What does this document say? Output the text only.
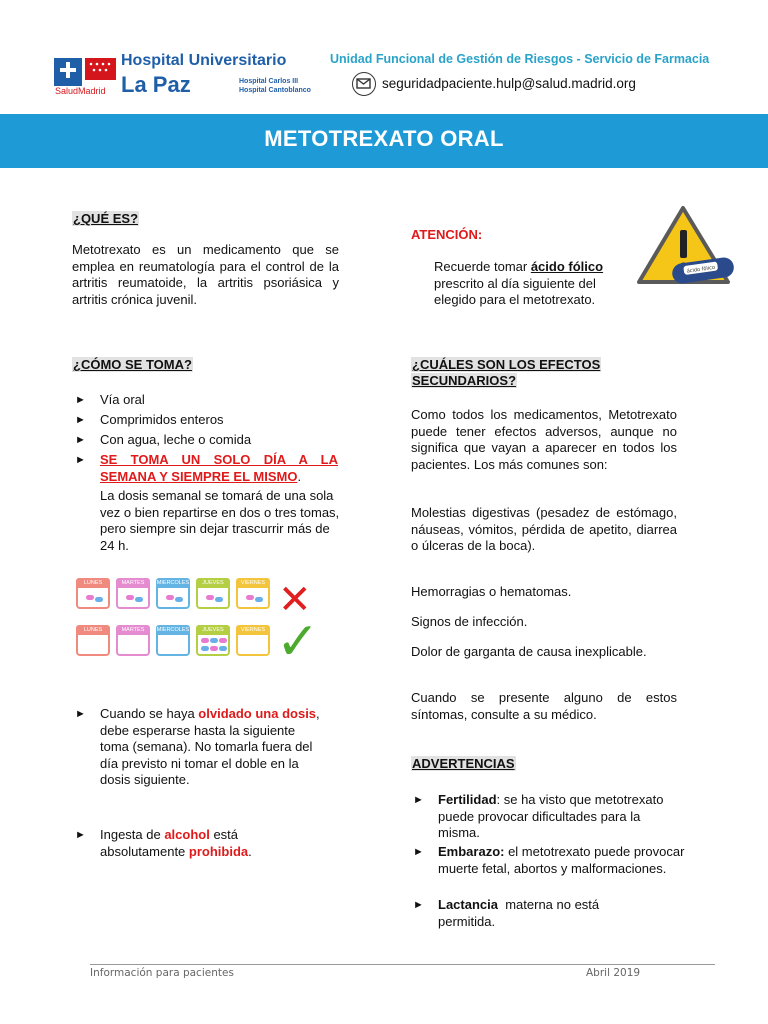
SaludMadrid
Hospital Universitario
La Paz	Hospital Carlos III
Hospital Cantoblanco
Unidad Funcional de Gestión de Riesgos - Servicio de Farmacia
seguridadpaciente.hulp@salud.madrid.org
METOTREXATO ORAL
¿QUÉ ES?
Metotrexato es un medicamento que se emplea en reumatología para el control de la artritis reumatoide, la artritis psoriásica y artritis crónica juvenil.
¿CÓMO SE TOMA?
► Vía oral
► Comprimidos enteros
► Con agua, leche o comida
► SE TOMA UN SOLO DÍA A LA SEMANA Y SIEMPRE EL MISMO.
La dosis semanal se tomará de una sola vez o bien repartirse en dos o tres tomas, pero siempre sin dejar trascurrir más de 24 h.
✕
✓
LUNES	MARTES	MIERCOLES	JUEVES	VIERNES
LUNES	MARTES	MIERCOLES	JUEVES	VIERNES
► Cuando se haya olvidado una dosis, debe esperarse hasta la siguiente toma (semana). No tomarla fuera del día previsto ni tomar el doble en la dosis siguiente.
► Ingesta de alcohol está absolutamente prohibida.
ATENCIÓN:
Recuerde tomar ácido fólico prescrito al día siguiente del elegido para el metotrexato.
ácido fólico
¿CUÁLES SON LOS EFECTOS
SECUNDARIOS?
Como todos los medicamentos, Metotrexato puede tener efectos adversos, aunque no significa que vayan a aparecer en todos los pacientes. Los más comunes son:
Molestias digestivas (pesadez de estómago, náuseas, vómitos, pérdida de apetito, diarrea o úlceras de la boca).
Hemorragias o hematomas.
Signos de infección.
Dolor de garganta de causa inexplicable.
Cuando se presente alguno de estos síntomas, consulte a su médico.
ADVERTENCIAS
► Fertilidad: se ha visto que metotrexato puede provocar dificultades para la misma.
► Embarazo: el metotrexato puede provocar muerte fetal, abortos y malformaciones.
► Lactancia  materna no está permitida.
Información para pacientes	Abril 2019
